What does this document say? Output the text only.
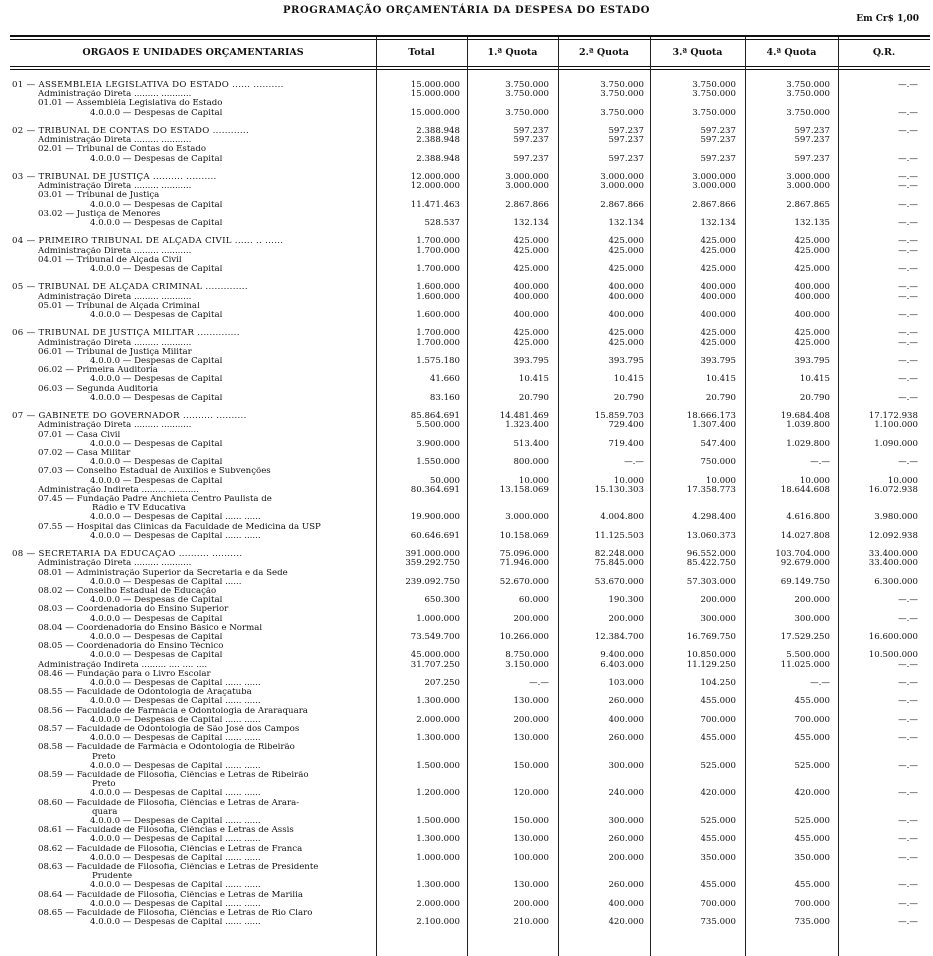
PROGRAMAÇÃO ORÇAMENTÁRIA DA DESPESA DO ESTADO
Em Cr$ 1,00
ORGAOS E UNIDADES ORÇAMENTARIAS	Total	1.ª Quota	2.ª Quota	3.ª Quota	4.ª Quota	Q.R.
01 — ASSEMBLEIA LEGISLATIVA DO ESTADO ...... ..........	15.000.000	3.750.000	3.750.000	3.750.000	3.750.000	—.—
Administração Direta ......... ...........	15.000.000	3.750.000	3.750.000	3.750.000	3.750.000
01.01 — Assembléia Legislativa do Estado
4.0.0.0 — Despesas de Capital	15.000.000	3.750.000	3.750.000	3.750.000	3.750.000	—.—
02 — TRIBUNAL DE CONTAS DO ESTADO ............	2.388.948	597.237	597.237	597.237	597.237	—.—
Administração Direta ......... ...........	2.388.948	597.237	597.237	597.237	597.237
02.01 — Tribunal de Contas do Estado
4.0.0.0 — Despesas de Capital	2.388.948	597.237	597.237	597.237	597.237	—.—
03 — TRIBUNAL DE JUSTIÇA .......... ..........	12.000.000	3.000.000	3.000.000	3.000.000	3.000.000	—.—
Administração Direta ......... ...........	12.000.000	3.000.000	3.000.000	3.000.000	3.000.000	—.—
03.01 — Tribunal de Justiça
4.0.0.0 — Despesas de Capital	11.471.463	2.867.866	2.867.866	2.867.866	2.867.865	—.—
03.02 — Justiça de Menores
4.0.0.0 — Despesas de Capital	528.537	132.134	132.134	132.134	132.135	—.—
04 — PRIMEIRO TRIBUNAL DE ALÇADA CIVIL ...... .. ......	1.700.000	425.000	425.000	425.000	425.000	—.—
Administração Direta ......... ...........	1.700.000	425.000	425.000	425.000	425.000	—.—
04.01 — Tribunal de Alçada Civil
4.0.0.0 — Despesas de Capital	1.700.000	425.000	425.000	425.000	425.000	—.—
05 — TRIBUNAL DE ALÇADA CRIMINAL ..............	1.600.000	400.000	400.000	400.000	400.000	—.—
Administração Direta ......... ...........	1.600.000	400.000	400.000	400.000	400.000	—.—
05.01 — Tribunal de Alçada Criminal
4.0.0.0 — Despesas de Capital	1.600.000	400.000	400.000	400.000	400.000	—.—
06 — TRIBUNAL DE JUSTIÇA MILITAR ..............	1.700.000	425.000	425.000	425.000	425.000	—.—
Administração Direta ......... ...........	1.700.000	425.000	425.000	425.000	425.000	—.—
06.01 — Tribunal de Justiça Militar
4.0.0.0 — Despesas de Capital	1.575.180	393.795	393.795	393.795	393.795	—.—
06.02 — Primeira Auditoria
4.0.0.0 — Despesas de Capital	41.660	10.415	10.415	10.415	10.415	—.—
06.03 — Segunda Auditoria
4.0.0.0 — Despesas de Capital	83.160	20.790	20.790	20.790	20.790	—.—
07 — GABINETE DO GOVERNADOR .......... ..........	85.864.691	14.481.469	15.859.703	18.666.173	19.684.408	17.172.938
Administração Direta ......... ...........	5.500.000	1.323.400	729.400	1.307.400	1.039.800	1.100.000
07.01 — Casa Civil
4.0.0.0 — Despesas de Capital	3.900.000	513.400	719.400	547.400	1.029.800	1.090.000
07.02 — Casa Militar
4.0.0.0 — Despesas de Capital	1.550.000	800.000	—.—	750.000	—.—	—.—
07.03 — Conselho Estadual de Auxílios e Subvenções
4.0.0.0 — Despesas de Capital	50.000	10.000	10.000	10.000	10.000	10.000
Administração Indireta ......... ...........	80.364.691	13.158.069	15.130.303	17.358.773	18.644.608	16.072.938
07.45 — Fundação Padre Anchieta Centro Paulista de
Rádio e TV Educativa
4.0.0.0 — Despesas de Capital ...... ......	19.900.000	3.000.000	4.004.800	4.298.400	4.616.800	3.980.000
07.55 — Hospital das Clínicas da Faculdade de Medicina da USP
4.0.0.0 — Despesas de Capital ...... ......	60.646.691	10.158.069	11.125.503	13.060.373	14.027.808	12.092.938
08 — SECRETARIA DA EDUCAÇÃO .......... ..........	391.000.000	75.096.000	82.248.000	96.552.000	103.704.000	33.400.000
Administração Direta ......... ...........	359.292.750	71.946.000	75.845.000	85.422.750	92.679.000	33.400.000
08.01 — Administração Superior da Secretaria e da Sede
4.0.0.0 — Despesas de Capital ......	239.092.750	52.670.000	53.670.000	57.303.000	69.149.750	6.300.000
08.02 — Conselho Estadual de Educação
4.0.0.0 — Despesas de Capital	650.300	60.000	190.300	200.000	200.000	—.—
08.03 — Coordenadoria do Ensino Superior
4.0.0.0 — Despesas de Capital	1.000.000	200.000	200.000	300.000	300.000	—.—
08.04 — Coordenadoria do Ensino Básico e Normal
4.0.0.0 — Despesas de Capital	73.549.700	10.266.000	12.384.700	16.769.750	17.529.250	16.600.000
08.05 — Coordenadoria do Ensino Técnico
4.0.0.0 — Despesas de Capital	45.000.000	8.750.000	9.400.000	10.850.000	5.500.000	10.500.000
Administração Indireta ......... .... .... ....	31.707.250	3.150.000	6.403.000	11.129.250	11.025.000	—.—
08.46 — Fundação para o Livro Escolar
4.0.0.0 — Despesas de Capital ...... ......	207.250	—.—	103.000	104.250	—.—	—.—
08.55 — Faculdade de Odontologia de Araçatuba
4.0.0.0 — Despesas de Capital ...... ......	1.300.000	130.000	260.000	455.000	455.000	—.—
08.56 — Faculdade de Farmácia e Odontologia de Araraquara
4.0.0.0 — Despesas de Capital ...... ......	2.000.000	200.000	400.000	700.000	700.000	—.—
08.57 — Faculdade de Odontologia de São José dos Campos
4.0.0.0 — Despesas de Capital ...... ......	1.300.000	130.000	260.000	455.000	455.000	—.—
08.58 — Faculdade de Farmácia e Odontologia de Ribeirão
Preto
4.0.0.0 — Despesas de Capital ...... ......	1.500.000	150.000	300.000	525.000	525.000	—.—
08.59 — Faculdade de Filosofia, Ciências e Letras de Ribeirão
Preto
4.0.0.0 — Despesas de Capital ...... ......	1.200.000	120.000	240.000	420.000	420.000	—.—
08.60 — Faculdade de Filosofia, Ciências e Letras de Arara-
quara
4.0.0.0 — Despesas de Capital ...... ......	1.500.000	150.000	300.000	525.000	525.000	—.—
08.61 — Faculdade de Filosofia, Ciências e Letras de Assis
4.0.0.0 — Despesas de Capital ...... ......	1.300.000	130.000	260.000	455.000	455.000	—.—
08.62 — Faculdade de Filosofia, Ciências e Letras de Franca
4.0.0.0 — Despesas de Capital ...... ......	1.000.000	100.000	200.000	350.000	350.000	—.—
08.63 — Faculdade de Filosofia, Ciências e Letras de Presidente
Prudente
4.0.0.0 — Despesas de Capital ...... ......	1.300.000	130.000	260.000	455.000	455.000	—.—
08.64 — Faculdade de Filosofia, Ciências e Letras de Marília
4.0.0.0 — Despesas de Capital ...... ......	2.000.000	200.000	400.000	700.000	700.000	—.—
08.65 — Faculdade de Filosofia, Ciências e Letras de Rio Claro
4.0.0.0 — Despesas de Capital ...... ......	2.100.000	210.000	420.000	735.000	735.000	—.—
